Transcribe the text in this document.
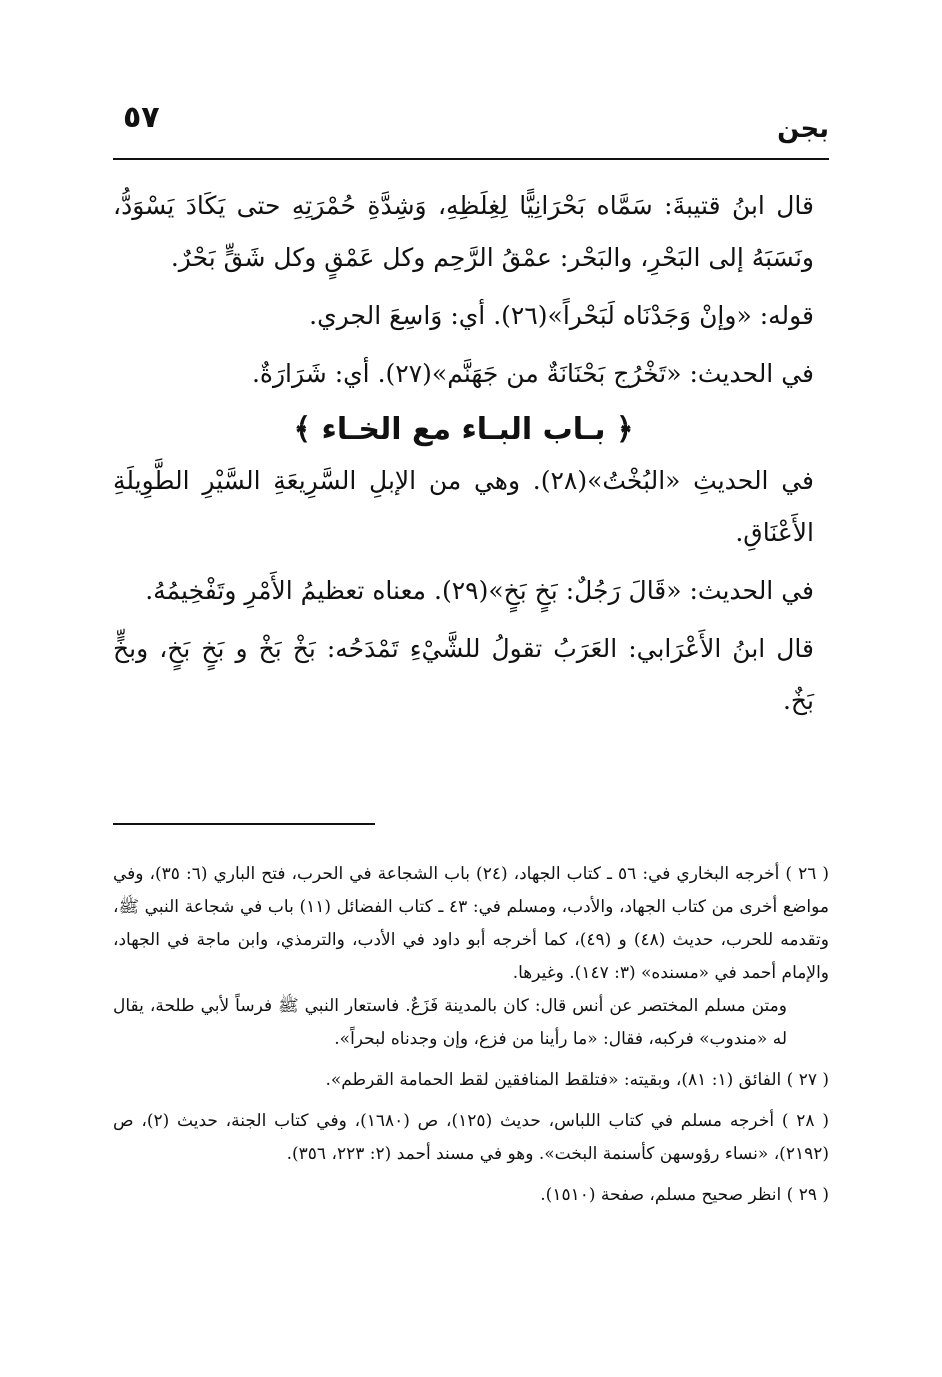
بجن
٥٧

قال ابنُ قتيبةَ: سَمَّاه بَحْرَانِيًّا لِغِلَظِهِ، وَشِدَّةِ حُمْرَتِهِ حتى يَكَادَ يَسْوَدُّ، ونَسَبَهُ إلى البَحْرِ، والبَحْر: عمْقُ الرَّحِم وكل عَمْقٍ وكل شَقٍّ بَحْرٌ.

قوله: «وإنْ وَجَدْنَاه لَبَحْراً»(٢٦). أي: وَاسِعَ الجري.

في الحديث: «تَخْرُج بَحْنَانَةٌ من جَهَنَّم»(٢٧). أي: شَرَارَةٌ.

﴿ بـاب البـاء مع الخـاء ﴾

في الحديثِ «البُخْتُ»(٢٨). وهي من الإبلِ السَّرِيعَةِ السَّيْرِ الطَّوِيلَةِ الأَعْنَاقِ.

في الحديث: «قَالَ رَجُلٌ: بَخٍ بَخٍ»(٢٩). معناه تعظيمُ الأَمْرِ وتَفْخِيمُهُ.

قال ابنُ الأَعْرَابي: العَرَبُ تقولُ للشَّيْءِ تَمْدَحُه: بَخْ بَخْ و بَخٍ بَخٍ، وبخٍّ بَخٌ.

( ٢٦ ) أخرجه البخاري في: ٥٦ ـ كتاب الجهاد، (٢٤) باب الشجاعة في الحرب، فتح الباري (٦: ٣٥)، وفي مواضع أخرى من كتاب الجهاد، والأدب، ومسلم في: ٤٣ ـ كتاب الفضائل (١١) باب في شجاعة النبي ﷺ، وتقدمه للحرب، حديث (٤٨) و (٤٩)، كما أخرجه أبو داود في الأدب، والترمذي، وابن ماجة في الجهاد، والإمام أحمد في «مسنده» (٣: ١٤٧). وغيرها.
ومتن مسلم المختصر عن أنس قال: كان بالمدينة فَزَعٌ. فاستعار النبي ﷺ فرساً لأبي طلحة، يقال له «مندوب» فركبه، فقال: «ما رأينا من فزع، وإن وجدناه لبحراً».

( ٢٧ ) الفائق (١: ٨١)، وبقيته: «فتلقط المنافقين لقط الحمامة القرطم».

( ٢٨ ) أخرجه مسلم في كتاب اللباس، حديث (١٢٥)، ص (١٦٨٠)، وفي كتاب الجنة، حديث (٢)، ص (٢١٩٢)، «نساء رؤوسهن كأسنمة البخت». وهو في مسند أحمد (٢: ٢٢٣، ٣٥٦).

( ٢٩ ) انظر صحيح مسلم، صفحة (١٥١٠).
